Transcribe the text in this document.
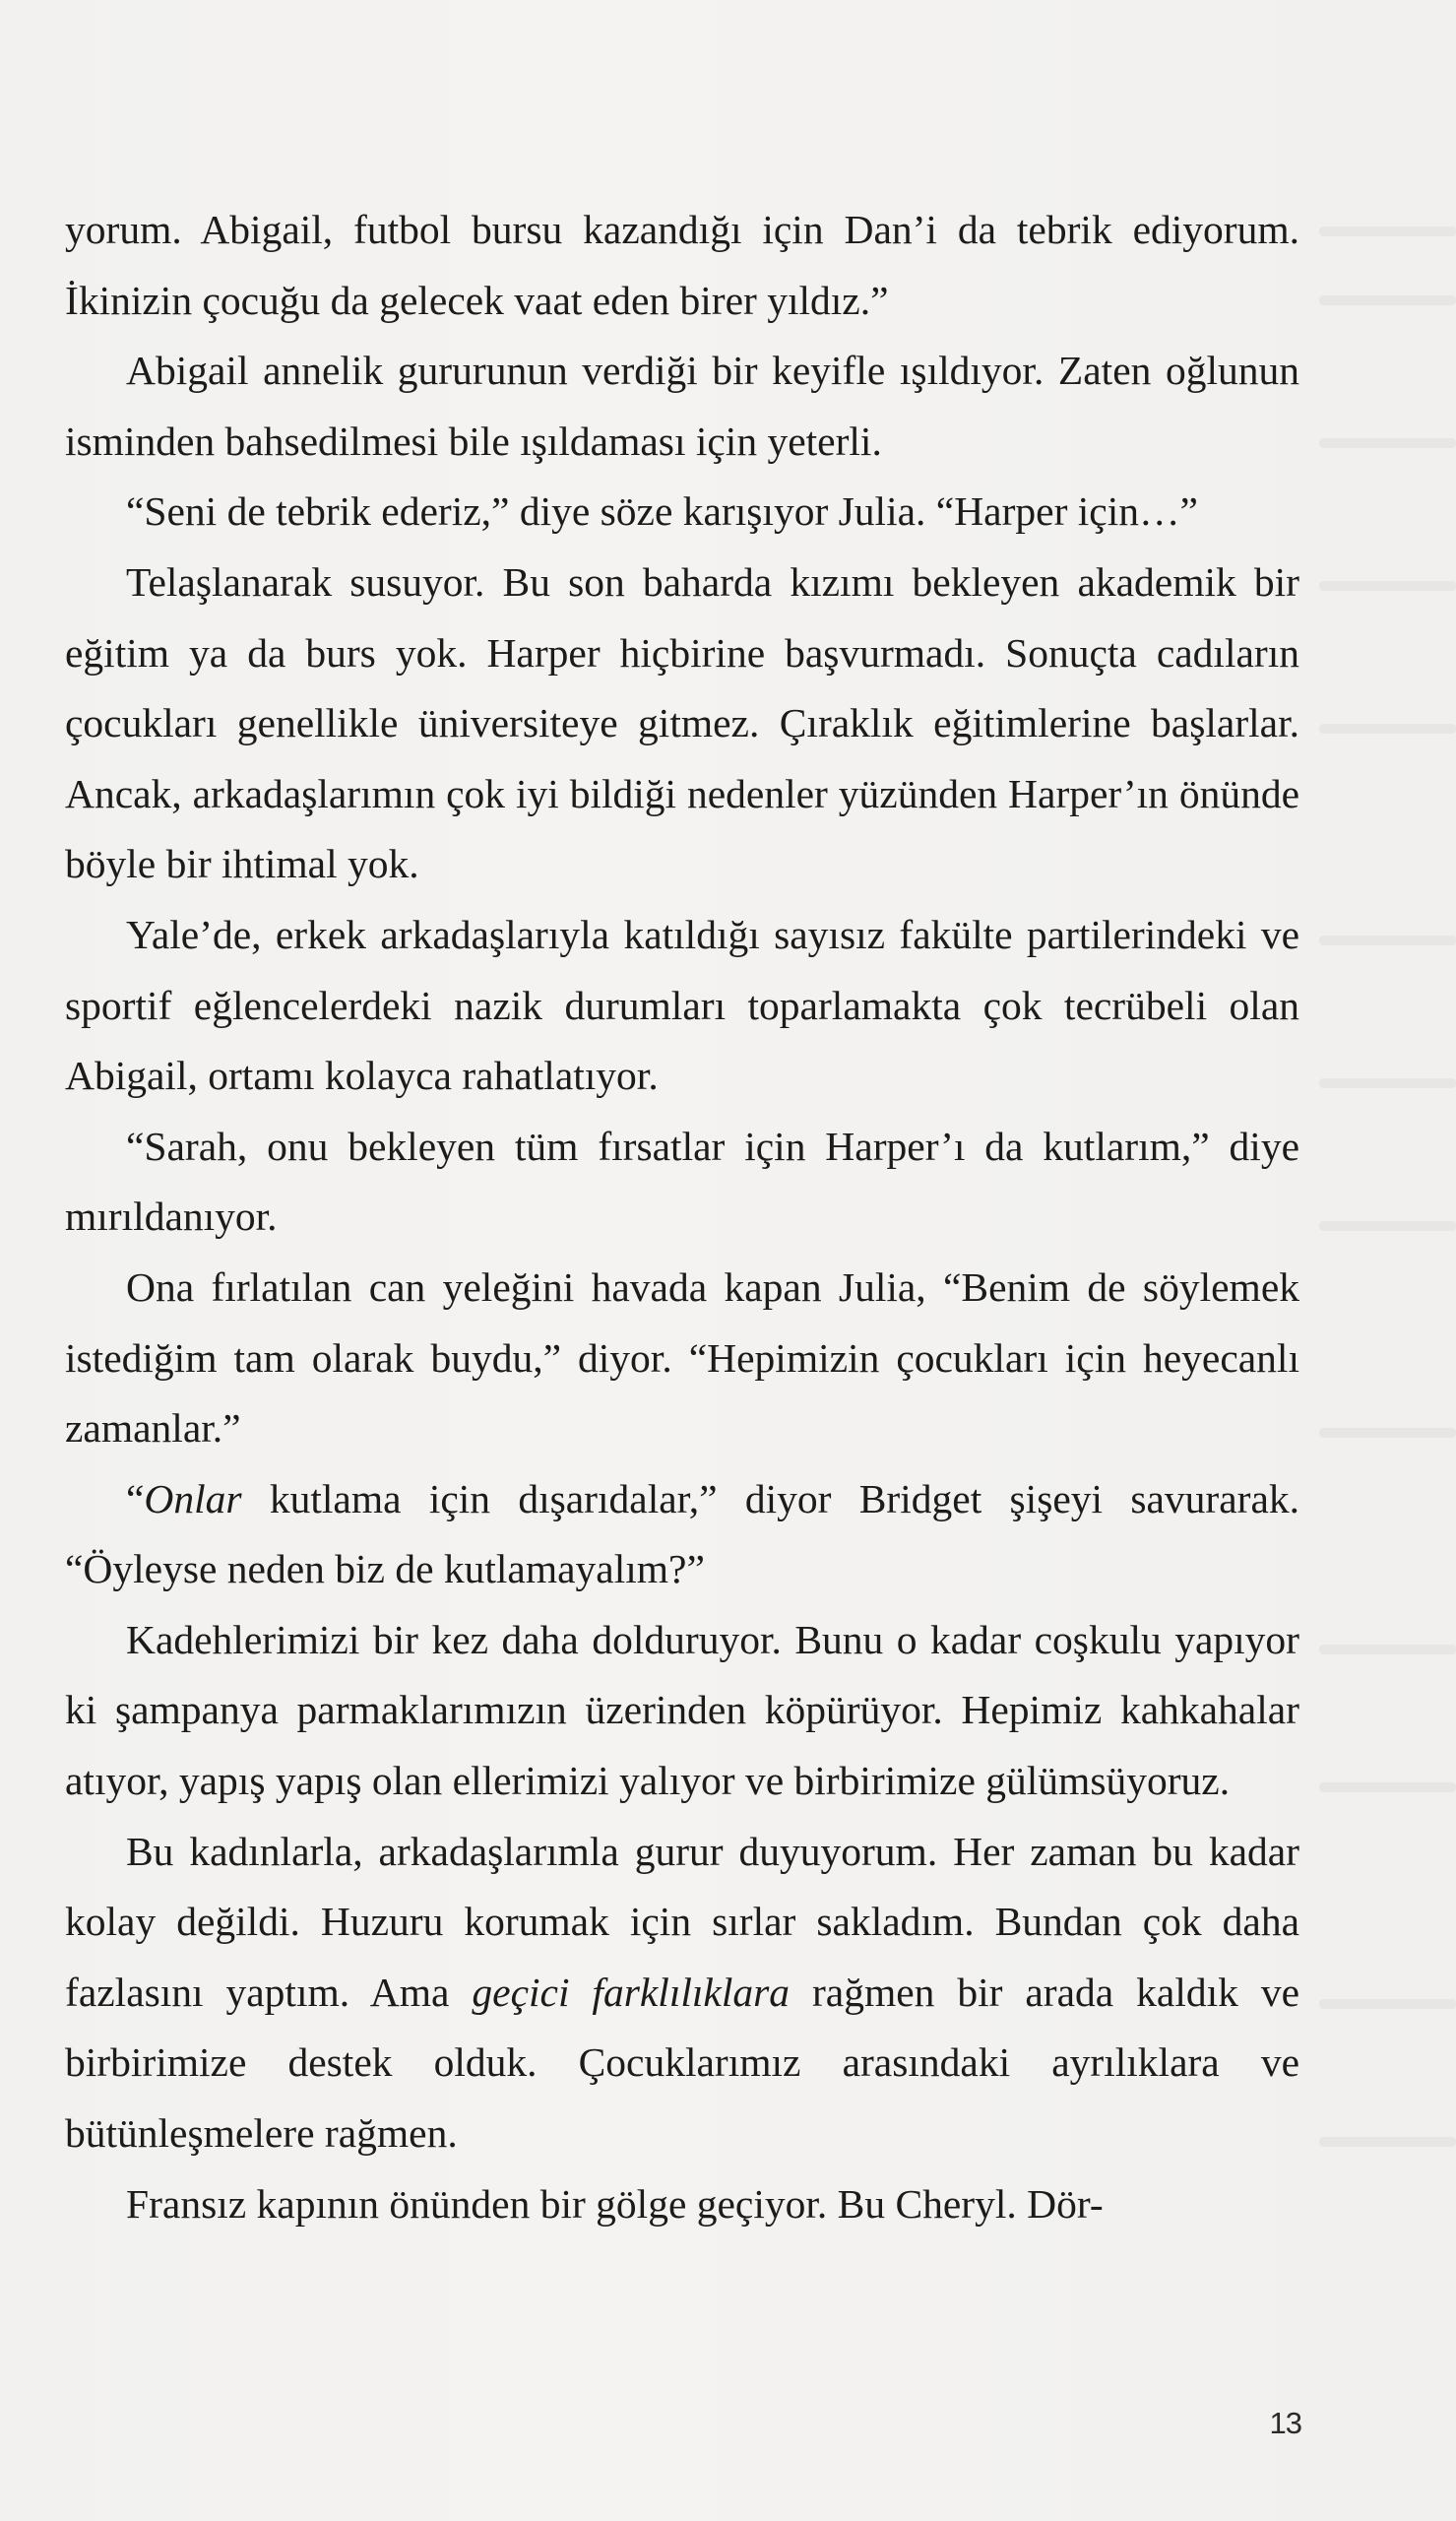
yorum. Abigail, futbol bursu kazandığı için Dan’i da tebrik ediyorum. İkinizin çocuğu da gelecek vaat eden birer yıldız.”

Abigail annelik gururunun verdiği bir keyifle ışıldıyor. Zaten oğlunun isminden bahsedilmesi bile ışıldaması için yeterli.

“Seni de tebrik ederiz,” diye söze karışıyor Julia. “Harper için…”

Telaşlanarak susuyor. Bu son baharda kızımı bekleyen akademik bir eğitim ya da burs yok. Harper hiçbirine başvurmadı. Sonuçta cadıların çocukları genellikle üniversiteye gitmez. Çıraklık eğitimlerine başlarlar. Ancak, arkadaşlarımın çok iyi bildiği nedenler yüzünden Harper’ın önünde böyle bir ihtimal yok.

Yale’de, erkek arkadaşlarıyla katıldığı sayısız fakülte partilerindeki ve sportif eğlencelerdeki nazik durumları toparlamakta çok tecrübeli olan Abigail, ortamı kolayca rahatlatıyor.

“Sarah, onu bekleyen tüm fırsatlar için Harper’ı da kutlarım,” diye mırıldanıyor.

Ona fırlatılan can yeleğini havada kapan Julia, “Benim de söylemek istediğim tam olarak buydu,” diyor. “Hepimizin çocukları için heyecanlı zamanlar.”

“Onlar kutlama için dışarıdalar,” diyor Bridget şişeyi savurarak. “Öyleyse neden biz de kutlamayalım?”

Kadehlerimizi bir kez daha dolduruyor. Bunu o kadar coşkulu yapıyor ki şampanya parmaklarımızın üzerinden köpürüyor. Hepimiz kahkahalar atıyor, yapış yapış olan ellerimizi yalıyor ve birbirimize gülümsüyoruz.

Bu kadınlarla, arkadaşlarımla gurur duyuyorum. Her zaman bu kadar kolay değildi. Huzuru korumak için sırlar sakladım. Bundan çok daha fazlasını yaptım. Ama geçici farklılıklara rağmen bir arada kaldık ve birbirimize destek olduk. Çocuklarımız arasındaki ayrılıklara ve bütünleşmelere rağmen.

Fransız kapının önünden bir gölge geçiyor. Bu Cheryl. Dör-

13
